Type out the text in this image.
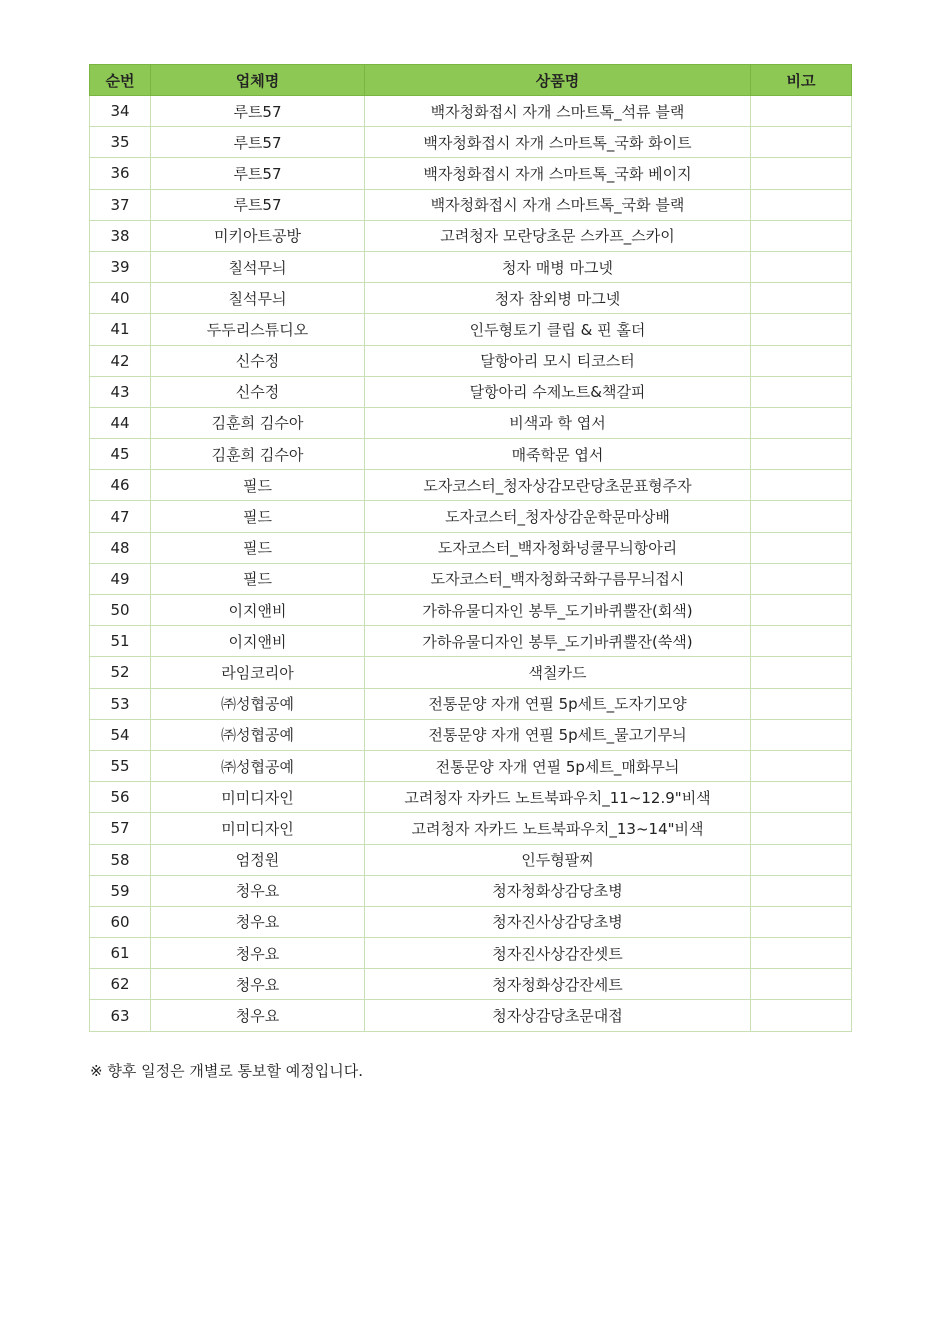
순번	업체명	상품명	비고
34	루트57	백자청화접시 자개 스마트톡_석류 블랙	
35	루트57	백자청화접시 자개 스마트톡_국화 화이트	
36	루트57	백자청화접시 자개 스마트톡_국화 베이지	
37	루트57	백자청화접시 자개 스마트톡_국화 블랙	
38	미키아트공방	고려청자 모란당초문 스카프_스카이	
39	칠석무늬	청자 매병 마그넷	
40	칠석무늬	청자 참외병 마그넷	
41	두두리스튜디오	인두형토기 클립 & 핀 홀더	
42	신수정	달항아리 모시 티코스터	
43	신수정	달항아리 수제노트&책갈피	
44	김훈희 김수아	비색과 학 엽서	
45	김훈희 김수아	매죽학문 엽서	
46	필드	도자코스터_청자상감모란당초문표형주자	
47	필드	도자코스터_청자상감운학문마상배	
48	필드	도자코스터_백자청화넝쿨무늬항아리	
49	필드	도자코스터_백자청화국화구름무늬접시	
50	이지앤비	가하유물디자인 봉투_도기바퀴뿔잔(회색)	
51	이지앤비	가하유물디자인 봉투_도기바퀴뿔잔(쑥색)	
52	라임코리아	색칠카드	
53	㈜성협공예	전통문양 자개 연필 5p세트_도자기모양	
54	㈜성협공예	전통문양 자개 연필 5p세트_물고기무늬	
55	㈜성협공예	전통문양 자개 연필 5p세트_매화무늬	
56	미미디자인	고려청자 자카드 노트북파우치_11~12.9"비색	
57	미미디자인	고려청자 자카드 노트북파우치_13~14"비색	
58	엄정원	인두형팔찌	
59	청우요	청자청화상감당초병	
60	청우요	청자진사상감당초병	
61	청우요	청자진사상감잔셋트	
62	청우요	청자청화상감잔세트	
63	청우요	청자상감당초문대접	
※ 향후 일정은 개별로 통보할 예정입니다.
